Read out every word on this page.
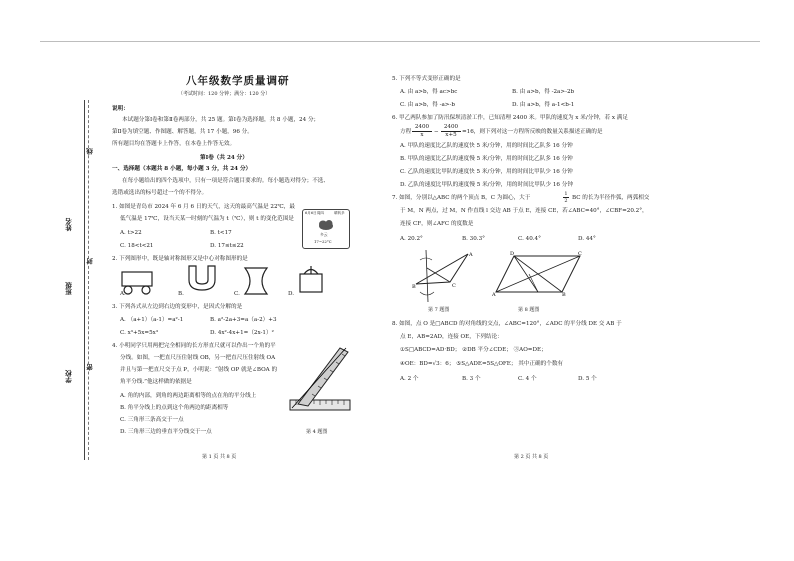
姓名
班级
学校
线
封
密
八年级数学质量调研
（考试时间：120 分钟；满分：120 分）
说明：
本试题分第Ⅰ卷和第Ⅱ卷两部分，共 25 题。第Ⅰ卷为选择题，共 8 小题，24 分；
第Ⅱ卷为填空题、作图题、解答题，共 17 小题，96 分。
所有题目均在答题卡上作答，在本卷上作答无效。
第Ⅰ卷（共 24 分）
一、选择题（本题共 8 小题，每小题 3 分，共 24 分）
在每小题给出的四个选项中，只有一项是符合题目要求的。每小题选对得分；不选、
选错或选出的标号超过一个的不得分。
1. 如图是青岛市 2024 年 6 月 6 日的天气，这天的最高气温是 22℃，最
低气温是 17℃，设当天某一时刻的气温为 t（℃），则 t 的变化范围是
A. t>22	B. t<17
C. 18<t<21	D. 17≤t≤22
6月6日周四	晴转多
多云
17~22°C
2. 下列图形中，既是轴对称图形又是中心对称图形的是
A.	B.	C.	D.
3. 下列各式从左边到右边的变形中，是因式分解的是
A. （a+1）（a-1）=a²-1	B. a²-2a+3=a（a-2）+3
C. x³+5x=5x³	D. 4x²-4x+1=（2x-1）²
4. 小明同学只用两把完全相同的长方形直尺就可以作出一个角的平
分线。如图，一把直尺压住射线 OB，另一把直尺压住射线 OA
并且与第一把直尺交于点 P，小明说：“射线 OP 就是∠BOA 的
角平分线.”他这样做的依据是
A. 角的内部，到角的两边距离相等的点在角的平分线上
B. 角平分线上的点到这个角两边的距离相等
C. 三角形三条高交于一点
D. 三角形三边的垂直平分线交于一点	第 4 题图
第 1 页 共 8 页
5. 下列不等式变形正确的是
A. 由 a>b，得 ac>bc	B. 由 a>b，得 -2a>-2b
C. 由 a>b，得 -a>-b	D. 由 a>b，得 a-1<b-1
6. 甲乙两队参加了防汛保坝清淤工作，已知清理 2400 米。甲队的速度为 x 米/分钟，若 x 满足
方程 $\frac{2400}{x} - \frac{2400}{x+5} =16$，则下列对这一方程所反映的数量关系描述正确的是
A. 甲队的速度比乙队的速度快 5 米/分钟，用的时间比乙队多 16 分钟
B. 甲队的速度比乙队的速度慢 5 米/分钟，用的时间比乙队多 16 分钟
C. 乙队的速度比甲队的速度快 5 米/分钟，用的时间比甲队少 16 分钟
D. 乙队的速度比甲队的速度慢 5 米/分钟，用的时间比甲队少 16 分钟
7. 如图，分别以△ABC 的两个顶点 B，C 为圆心，大于	$\frac{1}{2}$ BC 的长为半径作弧，两弧相交
于 M，N 两点，过 M，N 作直线 l 交边 AB 于点 E，连接 CE，若∠ABC=40°，∠CBF=20.2°，
连接 CF，则∠AFC 的度数是
A. 20.2°	B. 30.3°	C. 40.4°	D. 44°
B
A
C
第 7 题图
A
D	C
B
第 8 题图
8. 如图，点 O 是□ABCD 的对角线的交点，∠ABC=120°，∠ADC 的平分线 DE 交 AB 于
点 E，AB=2AD，连接 OE，下列结论：
①S□ABCD=AD·BD； ②DB 平分∠CDE； ③AO=DE；
④OE：BD=√3：6； ⑤S△ADE=5S△OFE； 其中正确的个数有
A. 2 个	B. 3 个	C. 4 个	D. 5 个
第 2 页 共 8 页
